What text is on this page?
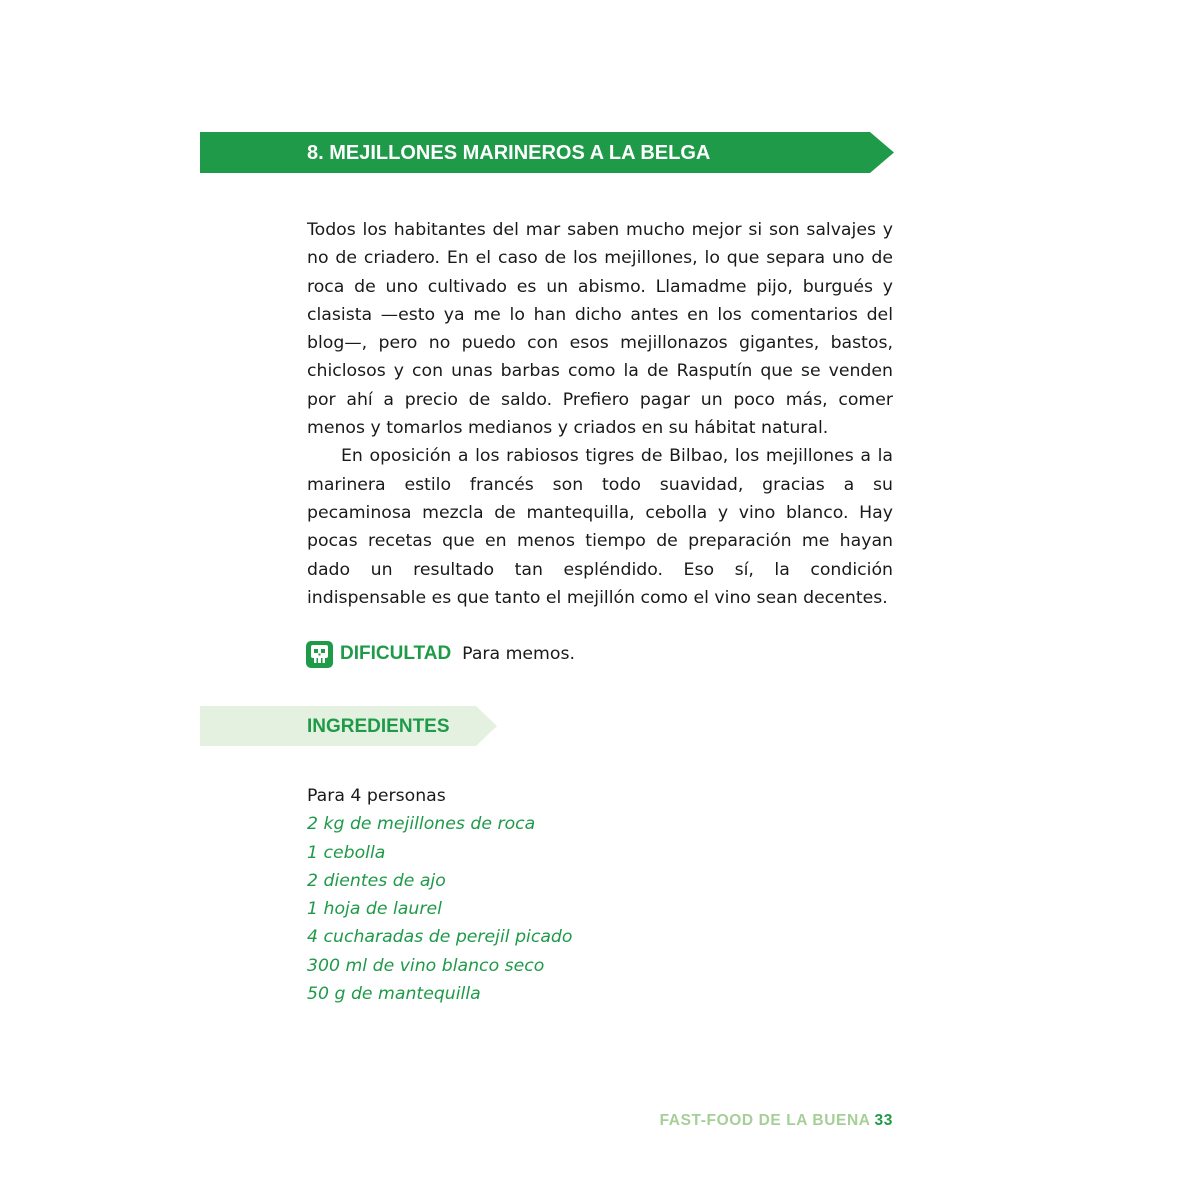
8. MEJILLONES MARINEROS A LA BELGA

Todos los habitantes del mar saben mucho mejor si son salvajes y no de criadero. En el caso de los mejillones, lo que separa uno de roca de uno cultivado es un abismo. Llamadme pijo, burgués y clasista —esto ya me lo han dicho antes en los comentarios del blog—, pero no puedo con esos mejillonazos gigantes, bastos, chiclosos y con unas barbas como la de Rasputín que se venden por ahí a precio de saldo. Prefiero pagar un poco más, comer menos y tomarlos medianos y criados en su hábitat natural.

En oposición a los rabiosos tigres de Bilbao, los mejillones a la marinera estilo francés son todo suavidad, gracias a su pecaminosa mezcla de mantequilla, cebolla y vino blanco. Hay pocas recetas que en menos tiempo de preparación me hayan dado un resultado tan espléndido. Eso sí, la condición indispensable es que tanto el mejillón como el vino sean decentes.

DIFICULTAD Para memos.
INGREDIENTES
Para 4 personas
2 kg de mejillones de roca
1 cebolla
2 dientes de ajo
1 hoja de laurel
4 cucharadas de perejil picado
300 ml de vino blanco seco
50 g de mantequilla
FAST-FOOD DE LA BUENA 33
